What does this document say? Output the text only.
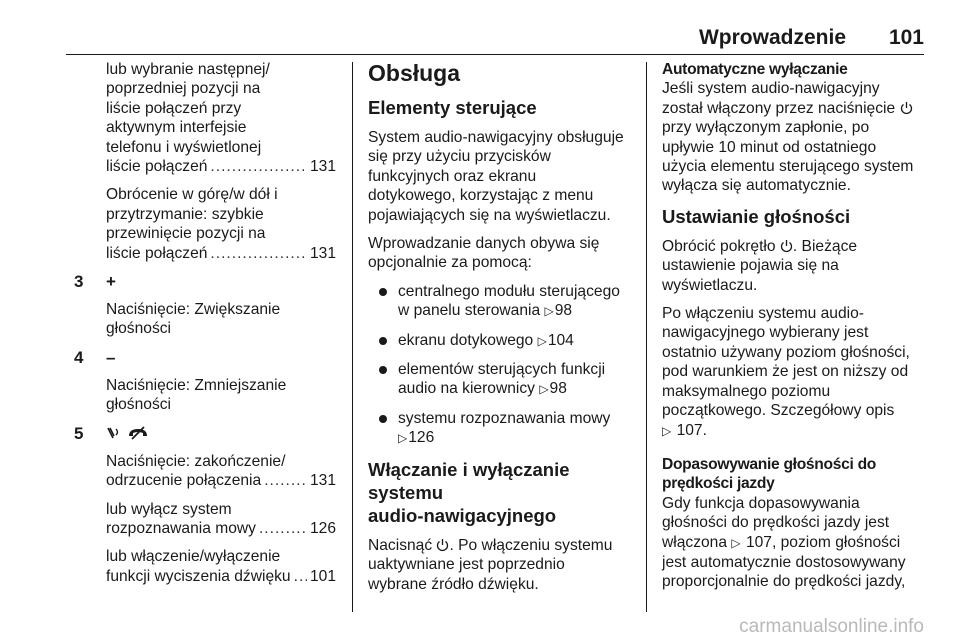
Wprowadzenie 101
lub wybranie następnej/
poprzedniej pozycji na
liście połączeń przy
aktywnym interfejsie
telefonu i wyświetlonej
liście połączeń .....	131
Obrócenie w górę/w dół i
przytrzymanie: szybkie
przewinięcie pozycji na
liście połączeń .....	131
3 +
Naciśnięcie: Zwiększanie
głośności
4 –
Naciśnięcie: Zmniejszanie
głośności
5

Naciśnięcie: zakończenie/
odrzucenie połączenia .....	131
lub wyłącz system
rozpoznawania mowy .....	126
lub włączenie/wyłączenie
funkcji wyciszenia dźwięku ..... 101
Obsługa
Elementy sterujące
System audio-nawigacyjny obsługuje
się przy użyciu przycisków
funkcyjnych oraz ekranu
dotykowego, korzystając z menu
pojawiających się na wyświetlaczu.
Wprowadzanie danych obywa się
opcjonalnie za pomocą:
centralnego modułu sterującego
w panelu sterowania ▷98
ekranu dotykowego ▷104
elementów sterujących funkcji
audio na kierownicy ▷98
systemu rozpoznawania mowy
▷126
Włączanie i wyłączanie systemu
audio-nawigacyjnego
Nacisnąć . Po włączeniu systemu
uaktywniane jest poprzednio
wybrane źródło dźwięku.
Automatyczne wyłączanie
Jeśli system audio-nawigacyjny
został włączony przez naciśnięcie
przy wyłączonym zapłonie, po
upływie 10 minut od ostatniego
użycia elementu sterującego system
wyłącza się automatycznie.
Ustawianie głośności
Obrócić pokrętło . Bieżące
ustawienie pojawia się na
wyświetlaczu.
Po włączeniu systemu audio-
nawigacyjnego wybierany jest
ostatnio używany poziom głośności,
pod warunkiem że jest on niższy od
maksymalnego poziomu
początkowego. Szczegółowy opis
▷ 107.
Dopasowywanie głośności do
prędkości jazdy
Gdy funkcja dopasowywania
głośności do prędkości jazdy jest
włączona ▷ 107, poziom głośności
jest automatycznie dostosowywany
proporcjonalnie do prędkości jazdy,
carmanualsonline.info
